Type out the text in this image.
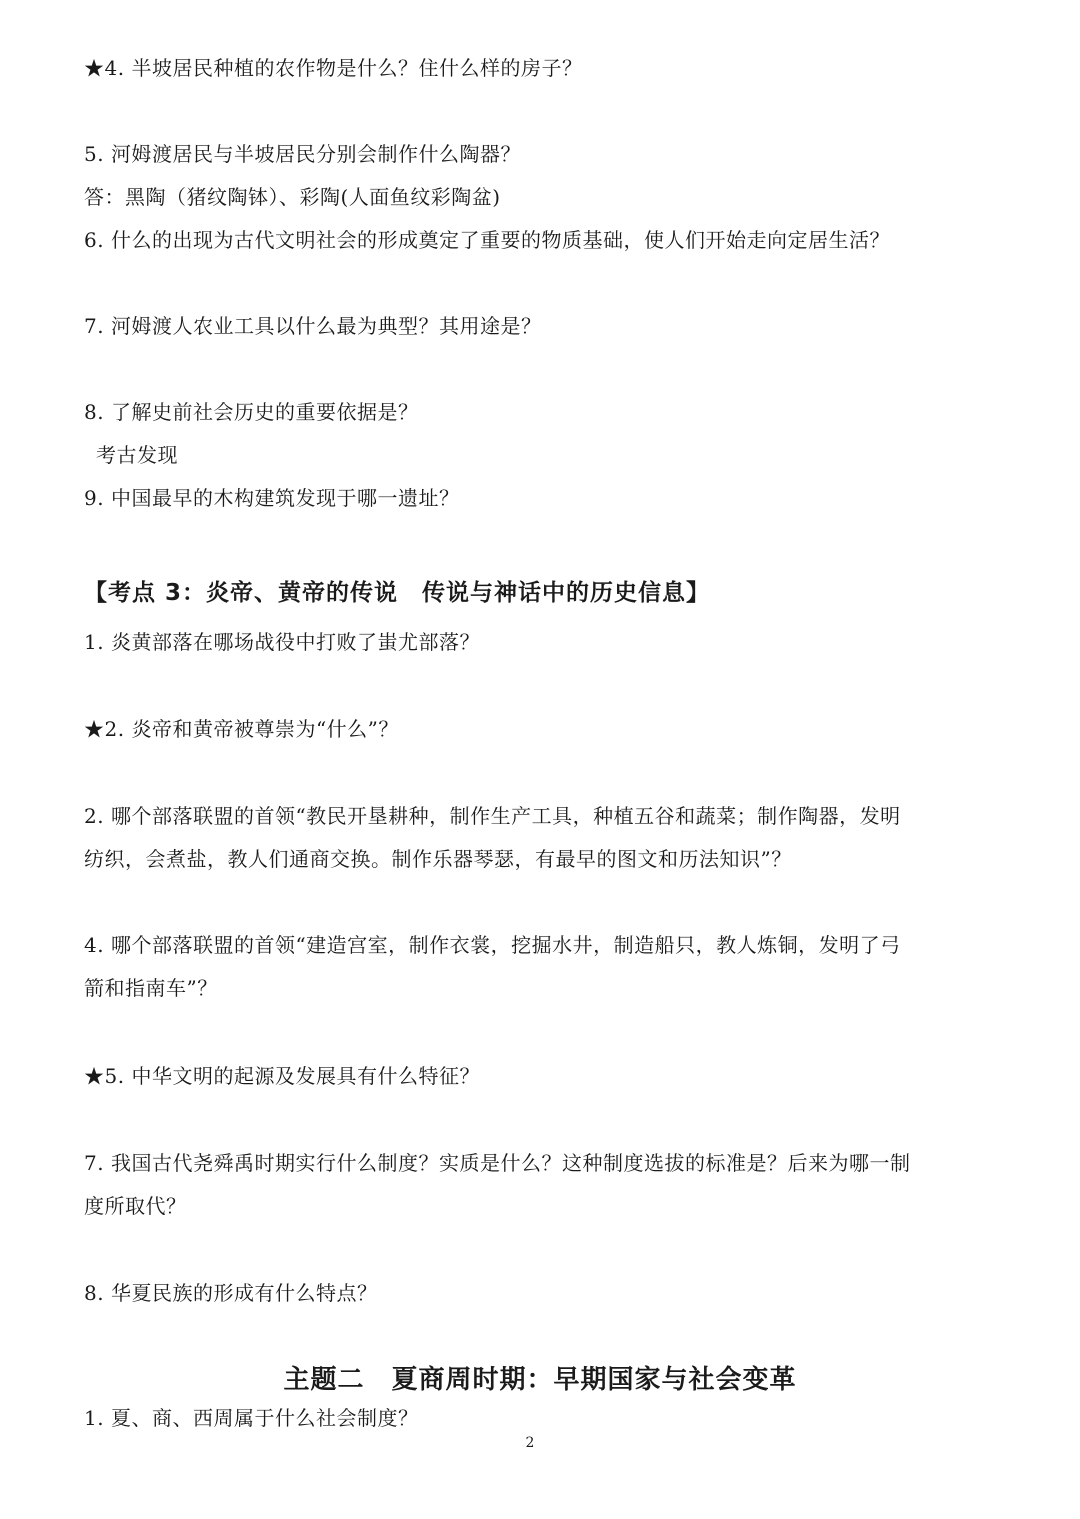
★4. 半坡居民种植的农作物是什么？住什么样的房子？
5. 河姆渡居民与半坡居民分别会制作什么陶器？
答：黑陶（猪纹陶钵）、彩陶(人面鱼纹彩陶盆)
6. 什么的出现为古代文明社会的形成奠定了重要的物质基础，使人们开始走向定居生活？
7. 河姆渡人农业工具以什么最为典型？其用途是？
8. 了解史前社会历史的重要依据是？
考古发现
9. 中国最早的木构建筑发现于哪一遗址？
【考点 3：炎帝、黄帝的传说　传说与神话中的历史信息】
1. 炎黄部落在哪场战役中打败了蚩尤部落？
★2. 炎帝和黄帝被尊崇为“什么”？
2. 哪个部落联盟的首领“教民开垦耕种，制作生产工具，种植五谷和蔬菜；制作陶器，发明
纺织，会煮盐，教人们通商交换。制作乐器琴瑟，有最早的图文和历法知识”？
4. 哪个部落联盟的首领“建造宫室，制作衣裳，挖掘水井，制造船只，教人炼铜，发明了弓
箭和指南车”？
★5. 中华文明的起源及发展具有什么特征？
7. 我国古代尧舜禹时期实行什么制度？实质是什么？这种制度选拔的标准是？后来为哪一制
度所取代？
8. 华夏民族的形成有什么特点？
主题二　夏商周时期：早期国家与社会变革
1. 夏、商、西周属于什么社会制度？
2
